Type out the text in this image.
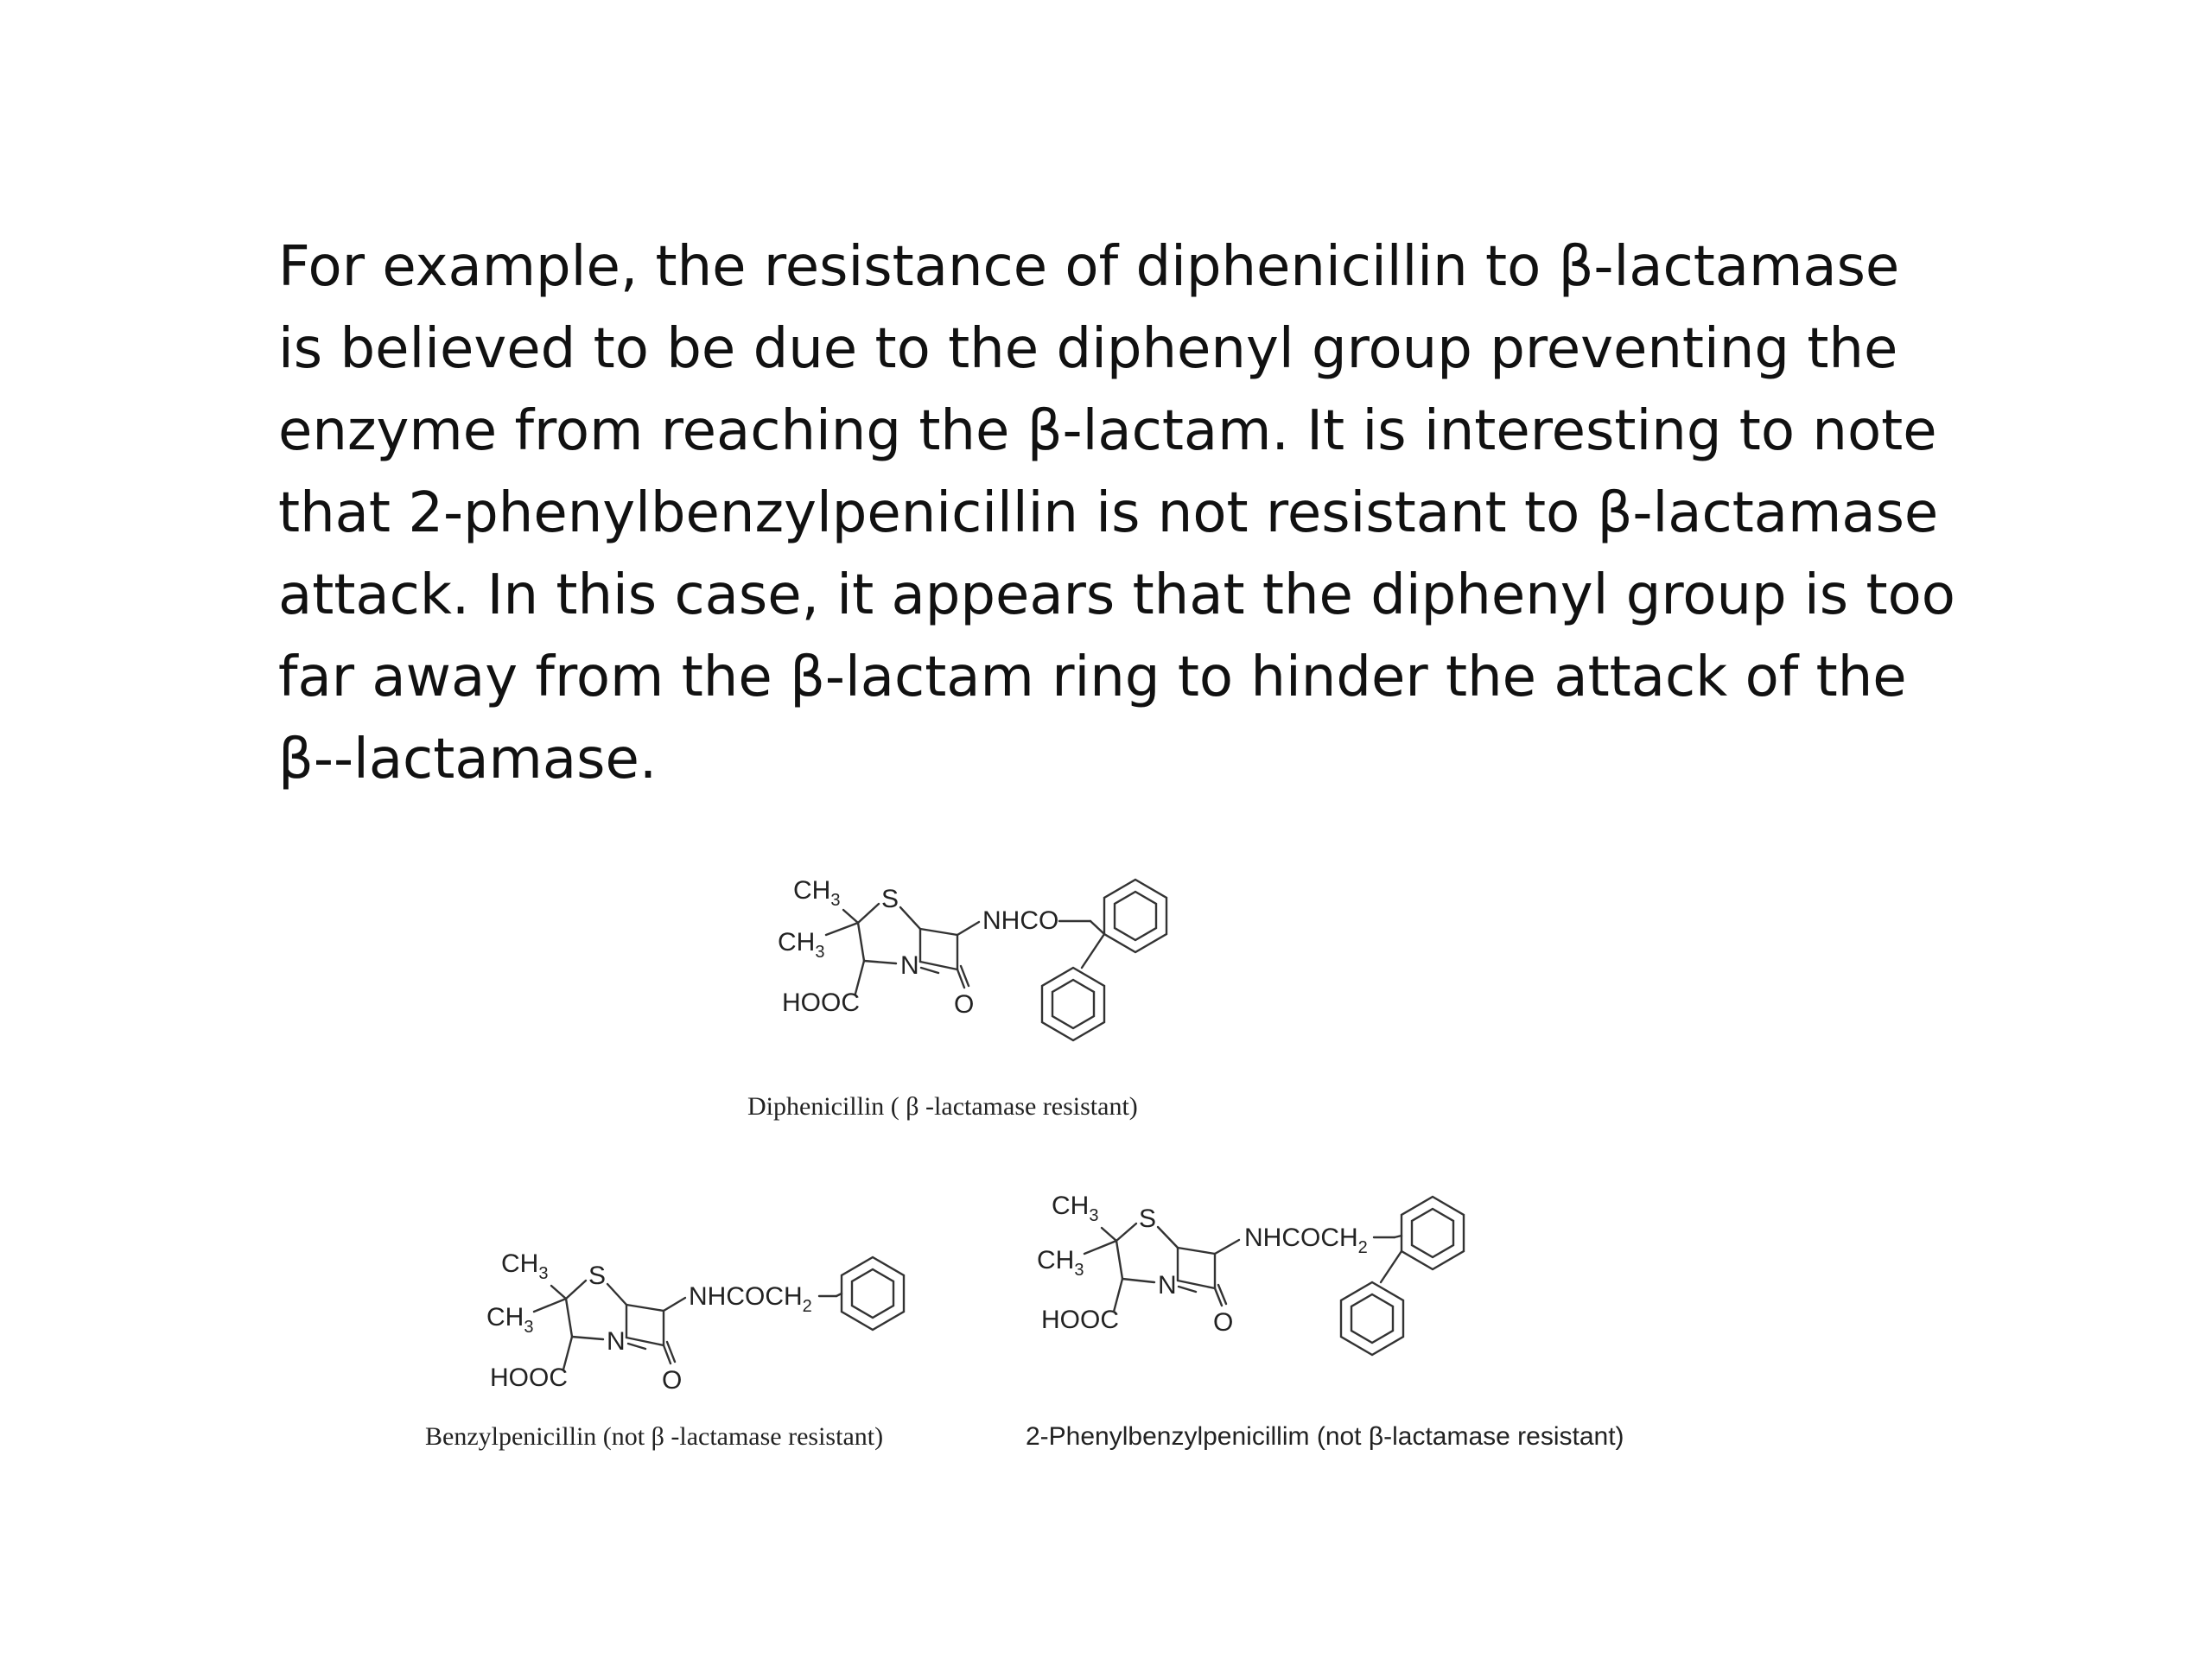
For example, the resistance of diphenicillin to β-lactamase
is believed to be due to the diphenyl group preventing the
enzyme from reaching the β-lactam. It is interesting to note
that 2-phenylbenzylpenicillin is not resistant to β-lactamase
attack. In this case, it appears that the diphenyl group is too
far away from the β-lactam ring to hinder the attack of the
β--lactamase.
$CH_3$
$CH_3$
S
N
O
HOOC
NHCO
Diphenicillin ( β -lactamase resistant)
$CH_3$
$CH_3$
S
N
O
HOOC
$NHCOCH_2$
Benzylpenicillin (not β -lactamase resistant)
$CH_3$
$CH_3$
S
N
O
HOOC
$NHCOCH_2$
2-Phenylbenzylpenicillim (not β-lactamase resistant)
